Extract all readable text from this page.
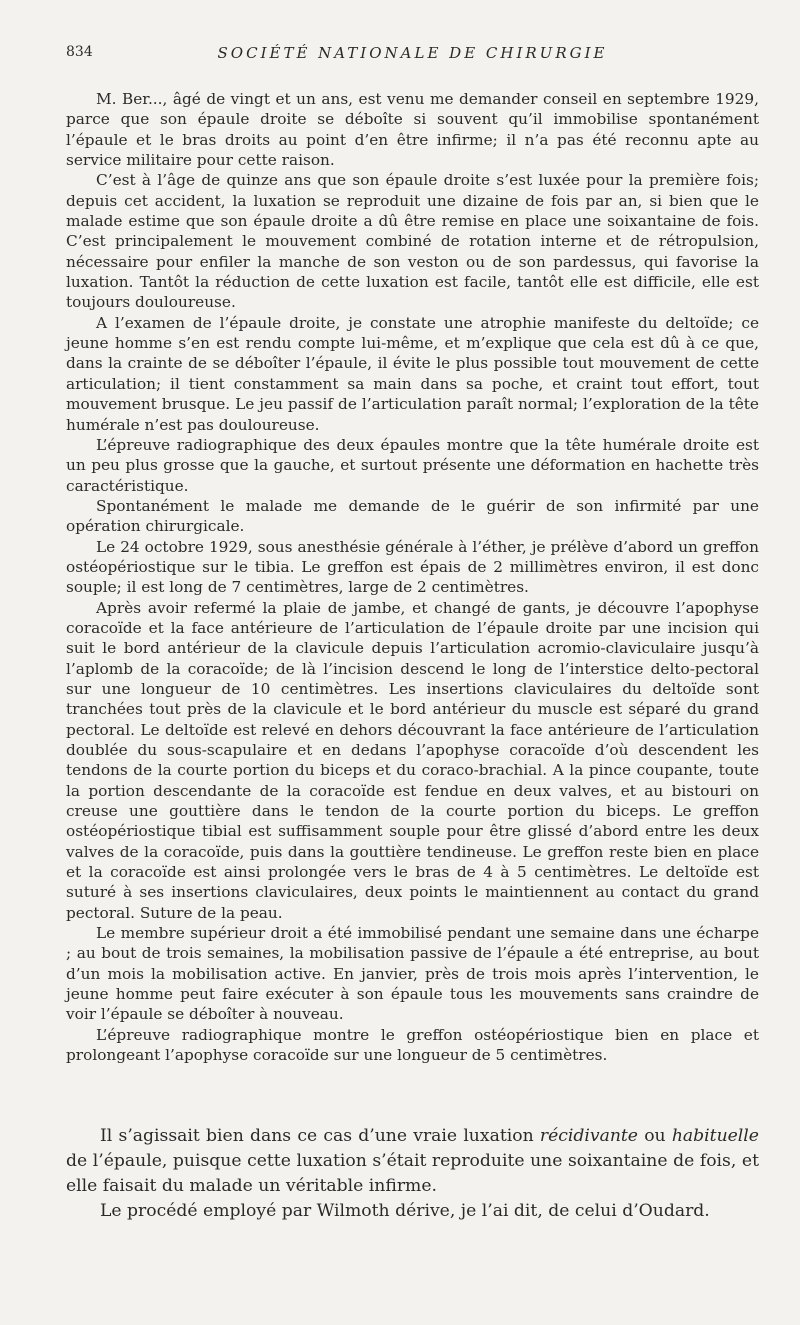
834	SOCIÉTÉ NATIONALE DE CHIRURGIE

M. Ber..., âgé de vingt et un ans, est venu me demander conseil en septembre 1929, parce que son épaule droite se déboîte si souvent qu’il immobilise spontanément l’épaule et le bras droits au point d’en être infirme; il n’a pas été reconnu apte au service militaire pour cette raison.

C’est à l’âge de quinze ans que son épaule droite s’est luxée pour la première fois; depuis cet accident, la luxation se reproduit une dizaine de fois par an, si bien que le malade estime que son épaule droite a dû être remise en place une soixantaine de fois. C’est principalement le mouvement combiné de rotation interne et de rétropulsion, nécessaire pour enfiler la manche de son veston ou de son pardessus, qui favorise la luxation. Tantôt la réduction de cette luxation est facile, tantôt elle est difficile, elle est toujours douloureuse.

A l’examen de l’épaule droite, je constate une atrophie manifeste du deltoïde; ce jeune homme s’en est rendu compte lui-même, et m’explique que cela est dû à ce que, dans la crainte de se déboîter l’épaule, il évite le plus possible tout mouvement de cette articulation; il tient constamment sa main dans sa poche, et craint tout effort, tout mouvement brusque. Le jeu passif de l’articulation paraît normal; l’exploration de la tête humérale n’est pas douloureuse.

L’épreuve radiographique des deux épaules montre que la tête humérale droite est un peu plus grosse que la gauche, et surtout présente une déformation en hachette très caractéristique.

Spontanément le malade me demande de le guérir de son infirmité par une opération chirurgicale.

Le 24 octobre 1929, sous anesthésie générale à l’éther, je prélève d’abord un greffon ostéopériostique sur le tibia. Le greffon est épais de 2 millimètres environ, il est donc souple; il est long de 7 centimètres, large de 2 centimètres.

Après avoir refermé la plaie de jambe, et changé de gants, je découvre l’apophyse coracoïde et la face antérieure de l’articulation de l’épaule droite par une incision qui suit le bord antérieur de la clavicule depuis l’articulation acromio-claviculaire jusqu’à l’aplomb de la coracoïde; de là l’incision descend le long de l’interstice delto-pectoral sur une longueur de 10 centimètres. Les insertions claviculaires du deltoïde sont tranchées tout près de la clavicule et le bord antérieur du muscle est séparé du grand pectoral. Le deltoïde est relevé en dehors découvrant la face antérieure de l’articulation doublée du sous-scapulaire et en dedans l’apophyse coracoïde d’où descendent les tendons de la courte portion du biceps et du coraco-brachial. A la pince coupante, toute la portion descendante de la coracoïde est fendue en deux valves, et au bistouri on creuse une gouttière dans le tendon de la courte portion du biceps. Le greffon ostéopériostique tibial est suffisamment souple pour être glissé d’abord entre les deux valves de la coracoïde, puis dans la gouttière tendineuse. Le greffon reste bien en place et la coracoïde est ainsi prolongée vers le bras de 4 à 5 centimètres. Le deltoïde est suturé à ses insertions claviculaires, deux points le maintiennent au contact du grand pectoral. Suture de la peau.

Le membre supérieur droit a été immobilisé pendant une semaine dans une écharpe ; au bout de trois semaines, la mobilisation passive de l’épaule a été entreprise, au bout d’un mois la mobilisation active. En janvier, près de trois mois après l’intervention, le jeune homme peut faire exécuter à son épaule tous les mouvements sans craindre de voir l’épaule se déboîter à nouveau.

L’épreuve radiographique montre le greffon ostéopériostique bien en place et prolongeant l’apophyse coracoïde sur une longueur de 5 centimètres.

Il s’agissait bien dans ce cas d’une vraie luxation récidivante ou habituelle de l’épaule, puisque cette luxation s’était reproduite une soixantaine de fois, et elle faisait du malade un véritable infirme.

Le procédé employé par Wilmoth dérive, je l’ai dit, de celui d’Oudard.
